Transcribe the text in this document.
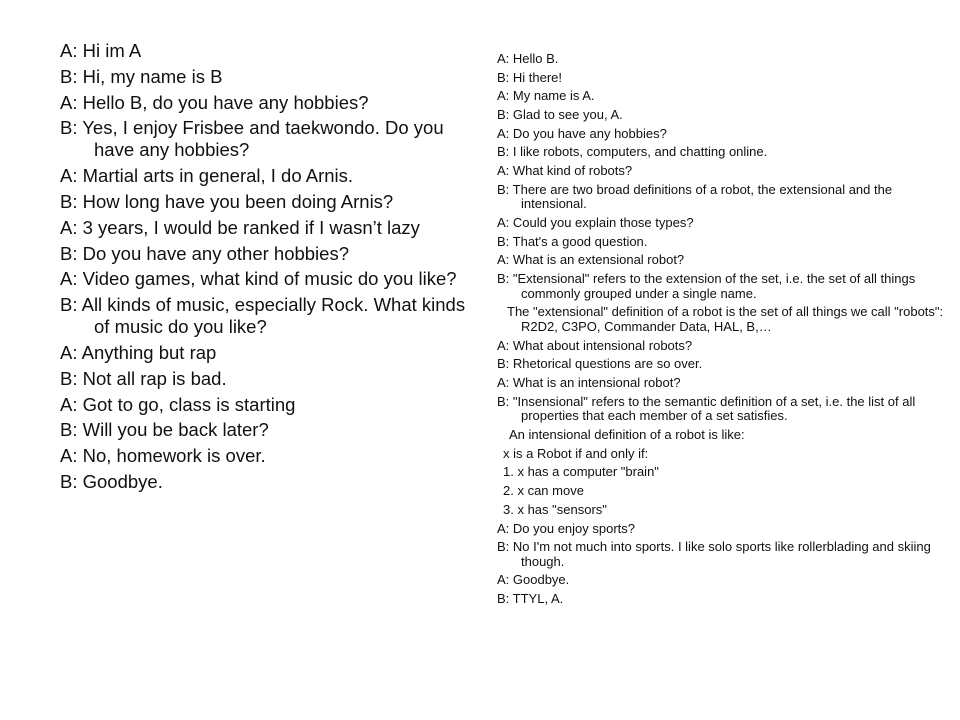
A: Hi im A
B: Hi, my name is B
A: Hello B, do you have any hobbies?
B: Yes, I enjoy Frisbee and taekwondo. Do you have any hobbies?
A: Martial arts in general, I do Arnis.
B: How long have you been doing Arnis?
A: 3 years, I would be ranked if I wasn’t lazy
B: Do you have any other hobbies?
A: Video games, what kind of music do you like?
B: All kinds of music, especially Rock. What kinds of music do you like?
A: Anything but rap
B: Not all rap is bad.
A: Got to go, class is starting
B: Will you be back later?
A: No, homework is over.
B: Goodbye.
A: Hello B.
B: Hi there!
A: My name is A.
B: Glad to see you, A.
A: Do you have any hobbies?
B: I like robots, computers, and chatting online.
A: What kind of robots?
B: There are two broad definitions of a robot, the extensional and the intensional.
A: Could you explain those types?
B: That's a good question.
A: What is an extensional robot?
B: "Extensional" refers to the extension of the set, i.e. the set of all things commonly grouped under a single name.
The "extensional" definition of a robot is the set of all things we call "robots": R2D2, C3PO, Commander Data, HAL, B,…
A: What about intensional robots?
B: Rhetorical questions are so over.
A: What is an intensional robot?
B: "Insensional" refers to the semantic definition of a set, i.e. the list of all properties that each member of a set satisfies.
An intensional definition of a robot is like:
x is a Robot if and only if:
1. x has a computer "brain"
2. x can move
3. x has "sensors"
A: Do you enjoy sports?
B: No I'm not much into sports. I like solo sports like rollerblading and skiing though.
A: Goodbye.
B: TTYL, A.
